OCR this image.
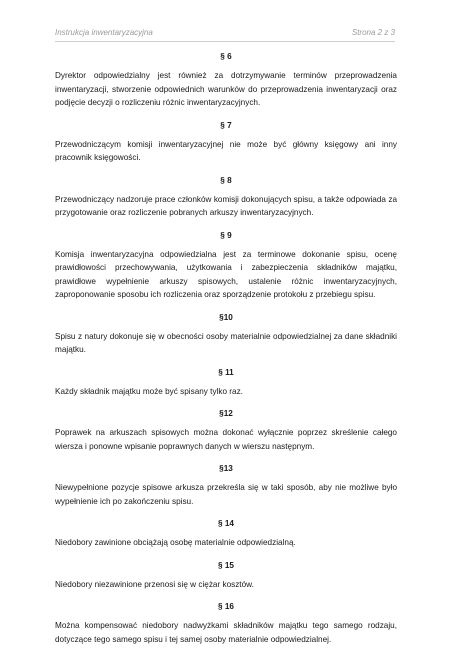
Instrukcja inwentaryzacyjna	Strona 2 z 3
§ 6
Dyrektor odpowiedzialny jest również za dotrzymywanie terminów przeprowadzenia inwentaryzacji, stworzenie odpowiednich warunków do przeprowadzenia inwentaryzacji oraz podjęcie decyzji o rozliczeniu różnic inwentaryzacyjnych.
§ 7
Przewodniczącym komisji inwentaryzacyjnej nie może być główny księgowy ani inny pracownik księgowości.
§ 8
Przewodniczący nadzoruje prace członków komisji dokonujących spisu, a także odpowiada za przygotowanie oraz rozliczenie pobranych arkuszy inwentaryzacyjnych.
§ 9
Komisja inwentaryzacyjna odpowiedzialna jest za terminowe dokonanie spisu, ocenę prawidłowości przechowywania, użytkowania i zabezpieczenia składników majątku, prawidłowe wypełnienie arkuszy spisowych, ustalenie różnic inwentaryzacyjnych, zaproponowanie sposobu ich rozliczenia oraz sporządzenie protokołu z przebiegu spisu.
§10
Spisu z natury dokonuje się w obecności osoby materialnie odpowiedzialnej za dane składniki majątku.
§ 11
Każdy składnik majątku może być spisany tylko raz.
§12
Poprawek na arkuszach spisowych można dokonać wyłącznie poprzez skreślenie całego wiersza i ponowne wpisanie poprawnych danych w wierszu następnym.
§13
Niewypełnione pozycje spisowe arkusza przekreśla się w taki sposób, aby nie możliwe było wypełnienie ich po zakończeniu spisu.
§ 14
Niedobory zawinione obciążają osobę materialnie odpowiedzialną.
§ 15
Niedobory niezawinione przenosi się w ciężar kosztów.
§ 16
Można kompensować niedobory nadwyżkami składników majątku tego samego rodzaju, dotyczące tego samego spisu i tej samej osoby materialnie odpowiedzialnej.
